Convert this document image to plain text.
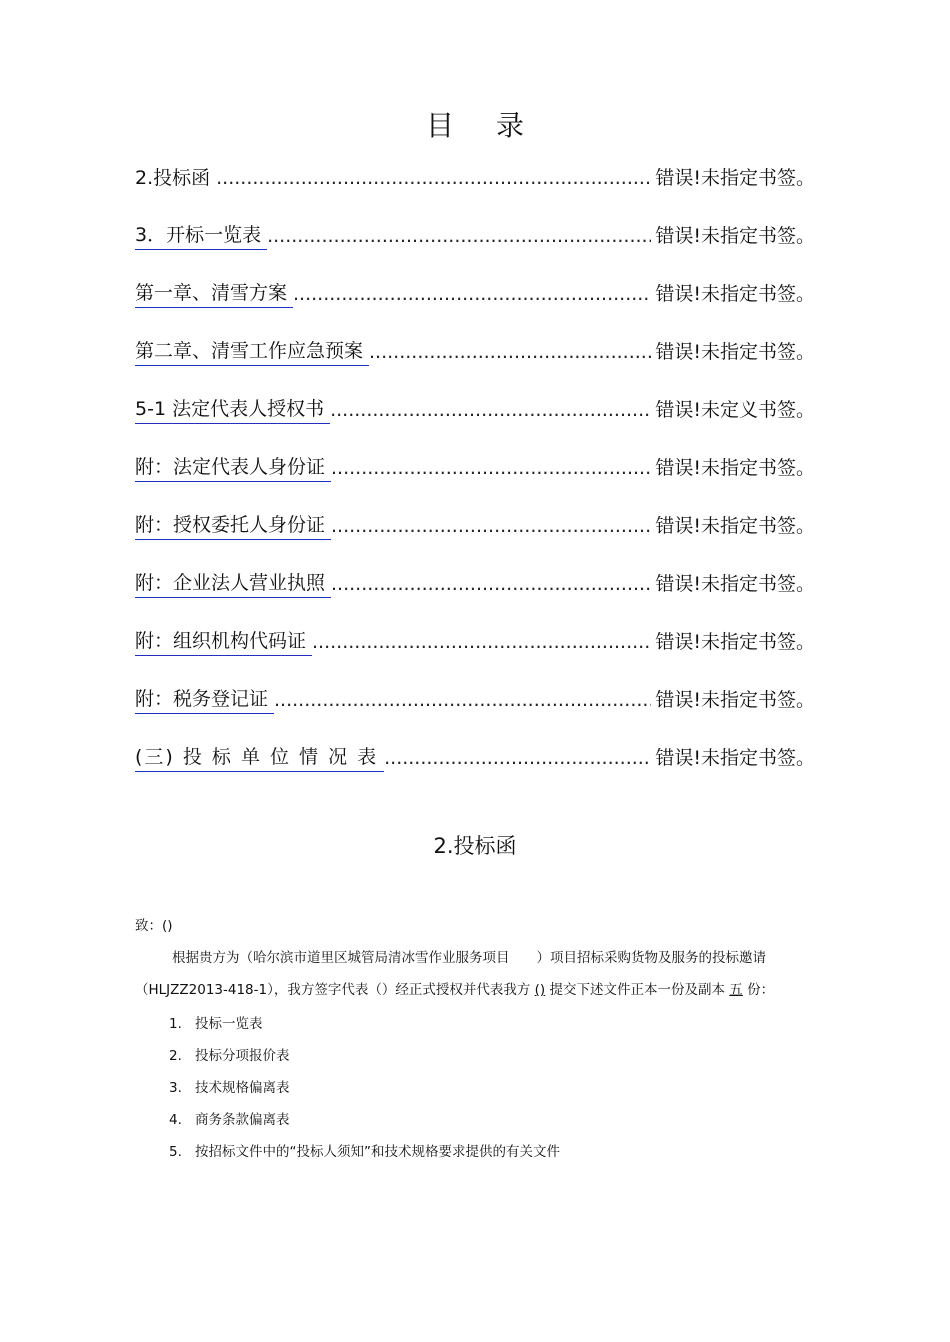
目录
2.投标函 .....	错误!未指定书签。
3．开标一览表 .....	错误!未指定书签。
第一章、清雪方案 .....	错误!未指定书签。
第二章、清雪工作应急预案 .....	错误!未指定书签。
5-1 法定代表人授权书 .....	错误!未定义书签。
附：法定代表人身份证 .....	错误!未指定书签。
附：授权委托人身份证 .....	错误!未指定书签。
附：企业法人营业执照 .....	错误!未指定书签。
附：组织机构代码证 .....	错误!未指定书签。
附：税务登记证 .....	错误!未指定书签。
(三) 投 标 单 位 情 况 表 .....	错误!未指定书签。
2.投标函

致：()

根据贵方为（哈尔滨市道里区城管局清冰雪作业服务项目　　）项目招标采购货物及服务的投标邀请（HLJZZ2013-418-1），我方签字代表（）经正式授权并代表我方 () 提交下述文件正本一份及副本 五 份：

1. 投标一览表
2. 投标分项报价表
3. 技术规格偏离表
4. 商务条款偏离表
5. 按招标文件中的“投标人须知”和技术规格要求提供的有关文件
